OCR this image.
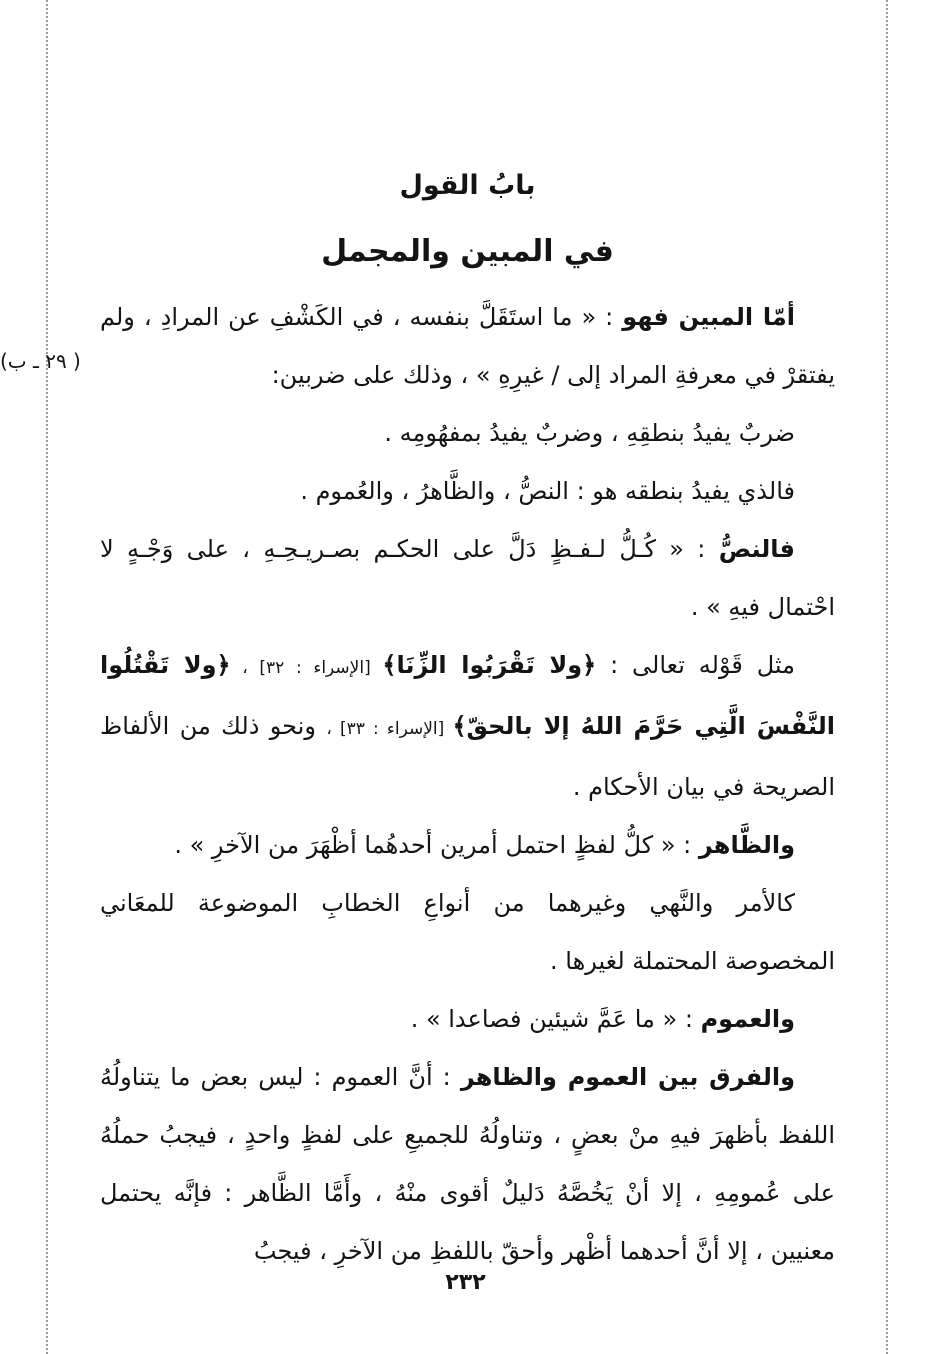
بابُ القول
في المبين والمجمل
( ٢٩ ـ ب)

أمّا المبين فهو : « ما استَقَلَّ بنفسه ، في الكَشْفِ عن المرادِ ، ولم يفتقرْ في معرفةِ المراد إلى / غيرِهِ » ، وذلك على ضربين:

ضربٌ يفيدُ بنطقِهِ ، وضربٌ يفيدُ بمفهُومِه .

فالذي يفيدُ بنطقه هو : النصُّ ، والظَّاهرُ ، والعُموم .

فالنصُّ : « كُـلُّ لـفـظٍ دَلَّ على الحكـم بصـريـحِـهِ ، على وَجْـهٍ لا احْتمال فيهِ » .

مثل قَوْله تعالى : ﴿ولا تَقْرَبُوا الزِّنَا﴾ [الإسراء : ٣٢] ، ﴿ولا تَقْتُلُوا النَّفْسَ الَّتِي حَرَّمَ اللهُ إلا بالحقّ﴾ [الإسراء : ٣٣] ، ونحو ذلك من الألفاظ الصريحة في بيان الأحكام .

والظَّاهر : « كلُّ لفظٍ احتمل أمرين أحدهُما أظْهَرَ من الآخرِ » .

كالأمر والنَّهي وغيرهما من أنواعِ الخطابِ الموضوعة للمعَاني المخصوصة المحتملة لغيرها .

والعموم : « ما عَمَّ شيئين فصاعدا » .

والفرق بين العموم والظاهر : أنَّ العموم : ليس بعض ما يتناولُهُ اللفظ بأظهرَ فيهِ منْ بعضٍ ، وتناولُهُ للجميعِ على لفظٍ واحدٍ ، فيجبُ حملُهُ على عُمومِهِ ، إلا أنْ يَخُصَّهُ دَليلٌ أقوى منْهُ ، وأَمَّا الظَّاهر : فإنَّه يحتمل معنيين ، إلا أنَّ أحدهما أظْهر وأحقّ باللفظِ من الآخرِ ، فيجبُ

٢٣٢
